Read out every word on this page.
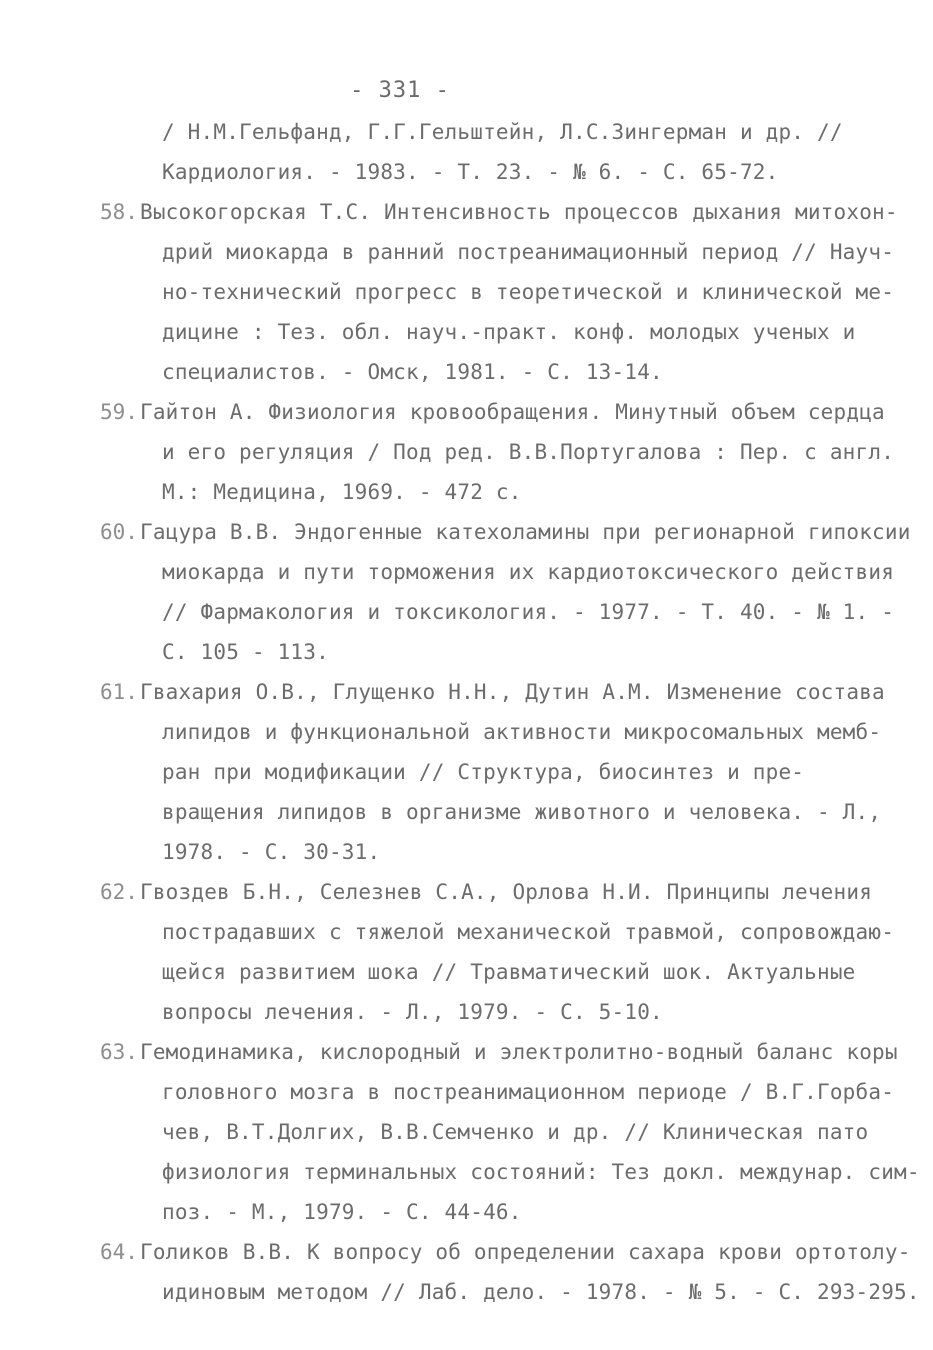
- 331 -
/ Н.М.Гельфанд, Г.Г.Гельштейн, Л.С.Зингерман и др. //
Кардиология. - 1983. - Т. 23. - № 6. - С. 65-72.
58. Высокогорская Т.С. Интенсивность процессов дыхания митохон-
дрий миокарда в ранний постреанимационный период // Науч-
но-технический прогресс в теоретической и клинической ме-
дицине : Тез. обл. науч.-практ. конф. молодых ученых и
специалистов. - Омск, 1981. - С. 13-14.
59. Гайтон А. Физиология кровообращения. Минутный объем сердца
и его регуляция / Под ред. В.В.Португалова : Пер. с англ.
М.: Медицина, 1969. - 472 с.
60. Гацура В.В. Эндогенные катехоламины при регионарной гипоксии
миокарда и пути торможения их кардиотоксического действия
// Фармакология и токсикология. - 1977. - Т. 40. - № 1. -
С. 105 - 113.
61. Гвахария О.В., Глущенко Н.Н., Дутин А.М. Изменение состава
липидов и функциональной активности микросомальных мемб-
ран при модификации // Структура, биосинтез и пре-
вращения липидов в организме животного и человека. - Л.,
1978. - С. 30-31.
62. Гвоздев Б.Н., Селезнев С.А., Орлова Н.И. Принципы лечения
пострадавших с тяжелой механической травмой, сопровождаю-
щейся развитием шока // Травматический шок. Актуальные
вопросы лечения. - Л., 1979. - С. 5-10.
63. Гемодинамика, кислородный и электролитно-водный баланс коры
головного мозга в постреанимационном периоде / В.Г.Горба-
чев, В.Т.Долгих, В.В.Семченко и др. // Клиническая пато
физиология терминальных состояний: Тез докл. междунар. сим-
поз. - М., 1979. - С. 44-46.
64. Голиков В.В. К вопросу об определении сахара крови ортотолу-
идиновым методом // Лаб. дело. - 1978. - № 5. - С. 293-295.
